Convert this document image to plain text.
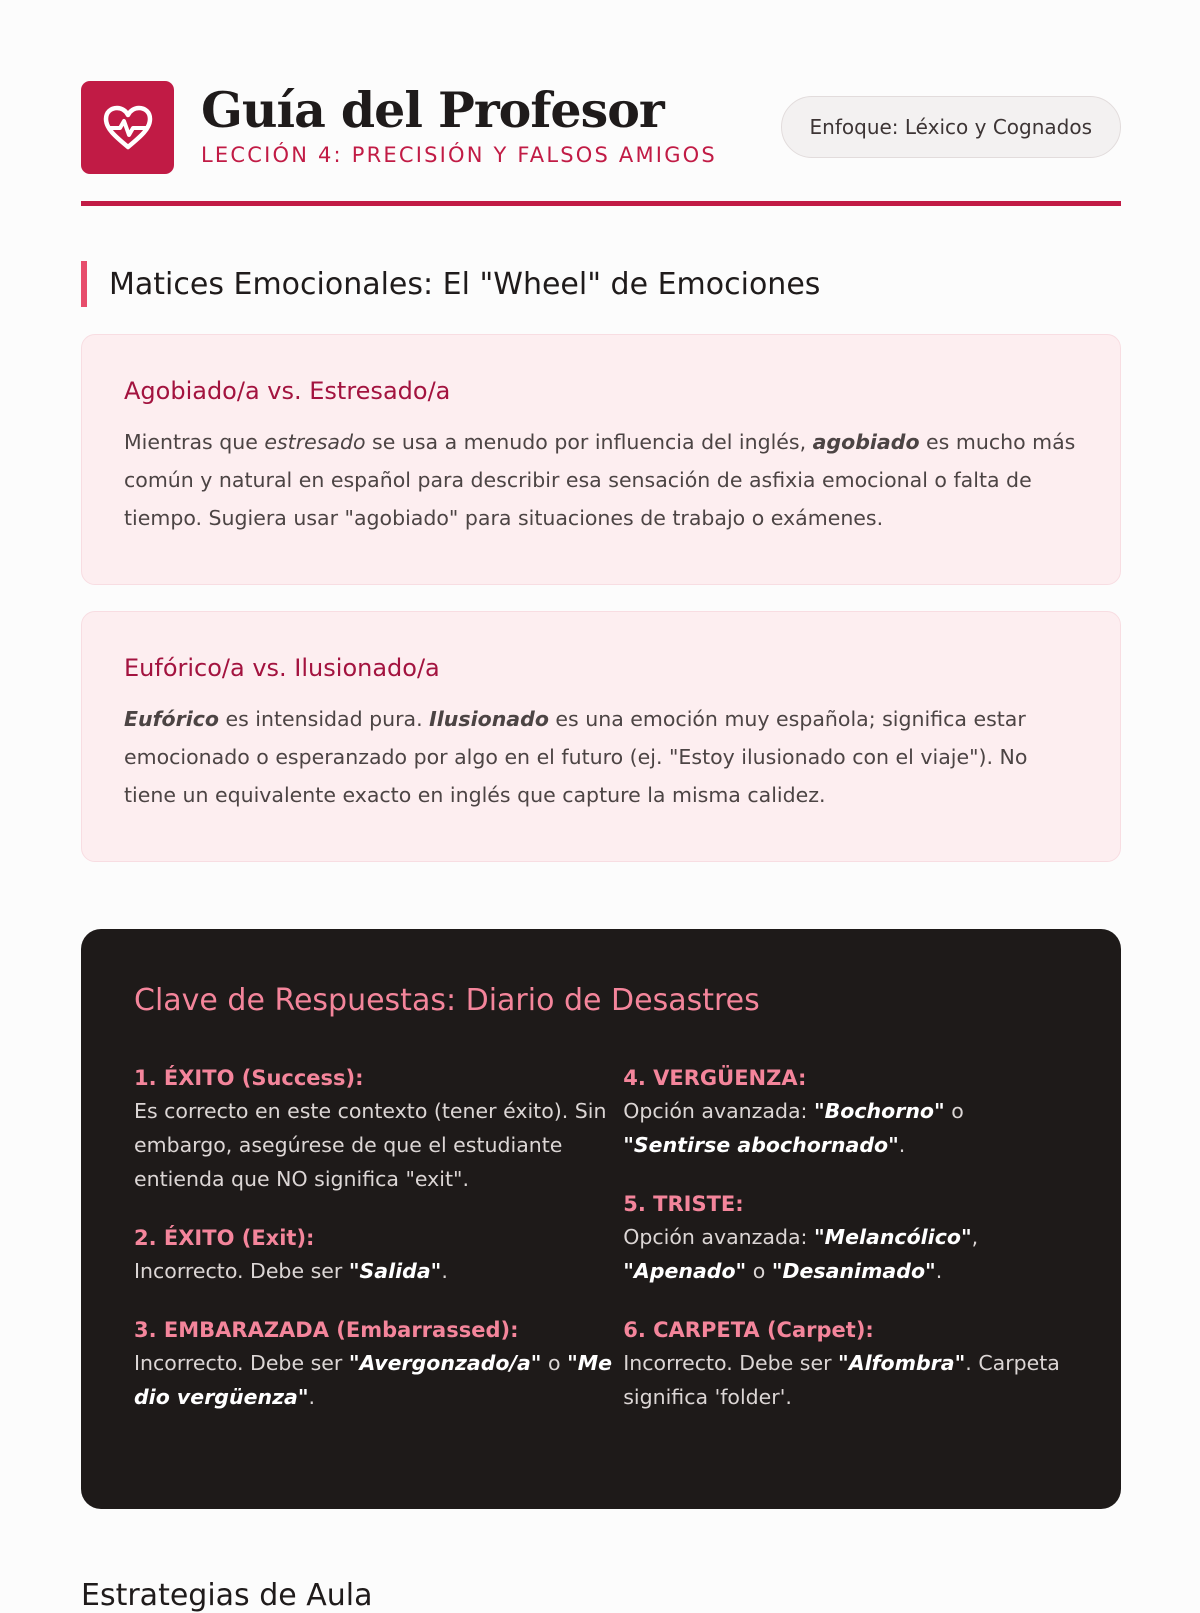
Guía del Profesor
LECCIÓN 4: PRECISIÓN Y FALSOS AMIGOS
Enfoque: Léxico y Cognados
Matices Emocionales: El "Wheel" de Emociones
Agobiado/a vs. Estresado/a

Mientras que estresado se usa a menudo por influencia del inglés, agobiado es mucho más común y natural en español para describir esa sensación de asfixia emocional o falta de tiempo. Sugiera usar "agobiado" para situaciones de trabajo o exámenes.

Eufórico/a vs. Ilusionado/a

Eufórico es intensidad pura. Ilusionado es una emoción muy española; significa estar emocionado o esperanzado por algo en el futuro (ej. "Estoy ilusionado con el viaje"). No tiene un equivalente exacto en inglés que capture la misma calidez.

Clave de Respuestas: Diario de Desastres
1. ÉXITO (Success):
Es correcto en este contexto (tener éxito). Sin embargo, asegúrese de que el estudiante entienda que NO significa "exit".
2. ÉXITO (Exit):
Incorrecto. Debe ser "Salida".
3. EMBARAZADA (Embarrassed):
Incorrecto. Debe ser "Avergonzado/a" o "Me dio vergüenza".
4. VERGÜENZA:
Opción avanzada: "Bochorno" o "Sentirse abochornado".
5. TRISTE:
Opción avanzada: "Melancólico", "Apenado" o "Desanimado".
6. CARPETA (Carpet):
Incorrecto. Debe ser "Alfombra". Carpeta significa 'folder'.
Estrategias de Aula
